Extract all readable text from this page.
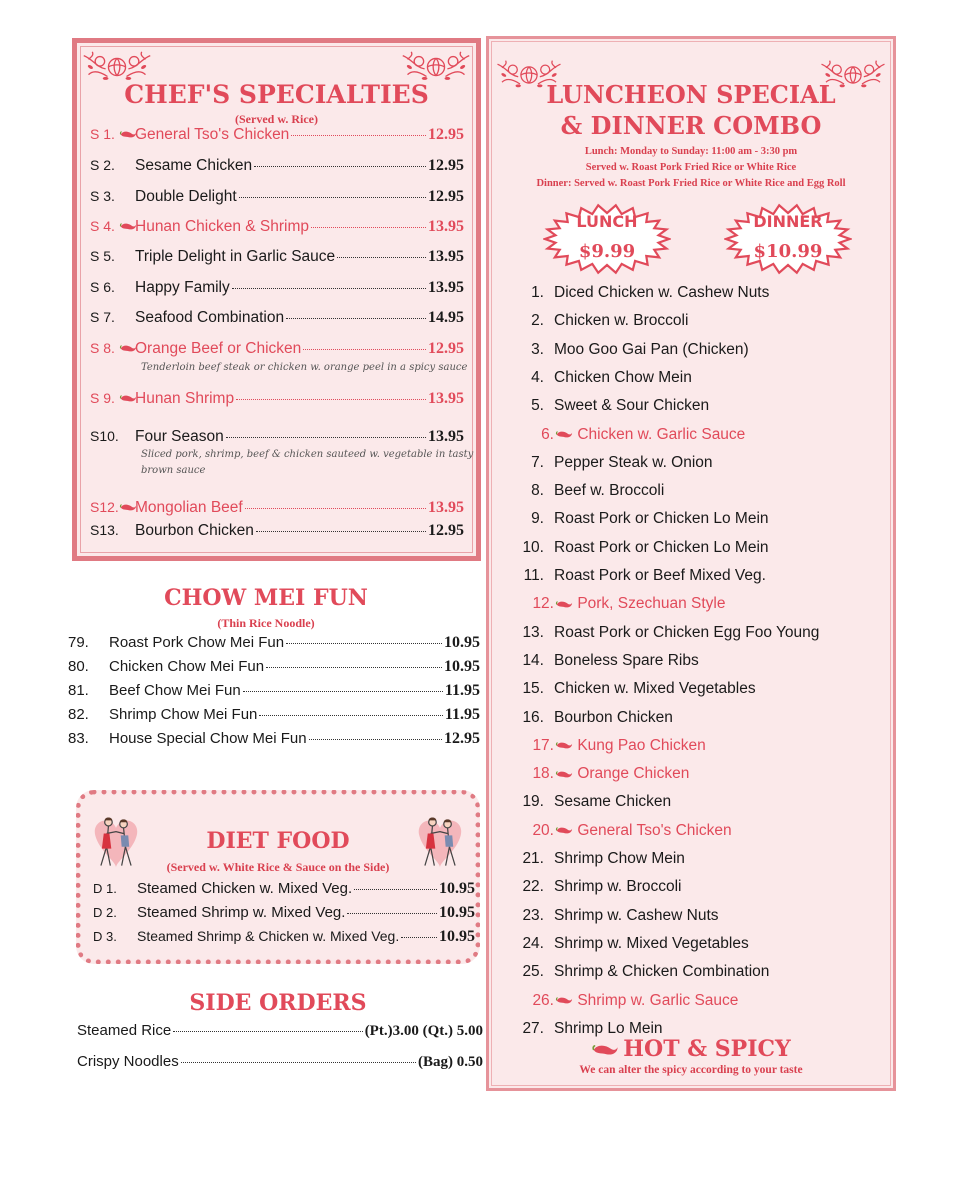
CHEF'S SPECIALTIES
(Served w. Rice)
S 1. General Tso's Chicken	12.95
S 2.	Sesame Chicken	12.95
S 3.	Double Delight	12.95
S 4. Hunan Chicken & Shrimp	13.95
S 5.	Triple Delight in Garlic Sauce	13.95
S 6.	Happy Family	13.95
S 7.	Seafood Combination	14.95
S 8. Orange Beef or Chicken	12.95
S 9. Hunan Shrimp	13.95
S10.	Four Season	13.95
S12. Mongolian Beef	13.95
S13.	Bourbon Chicken	12.95
Tenderloin beef steak or chicken w. orange peel in a spicy sauce
Sliced pork, shrimp, beef & chicken sauteed w. vegetable in tasty
brown sauce
CHOW MEI FUN
(Thin Rice Noodle)
79.	Roast Pork Chow Mei Fun	10.95
80.	Chicken Chow Mei Fun	10.95
81.	Beef Chow Mei Fun	11.95
82.	Shrimp Chow Mei Fun	11.95
83.	House Special Chow Mei Fun	12.95
DIET FOOD
(Served w. White Rice & Sauce on the Side)
D 1.	Steamed Chicken w. Mixed Veg.	10.95
D 2.	Steamed Shrimp w. Mixed Veg.	10.95
D 3.	Steamed Shrimp & Chicken w. Mixed Veg. 10.95
SIDE ORDERS
Steamed Rice	(Pt.)3.00 (Qt.) 5.00
Crispy Noodles	(Bag) 0.50
LUNCHEON SPECIAL
& DINNER COMBO
Lunch: Monday to Sunday: 11:00 am - 3:30 pm
Served w. Roast Pork Fried Rice or White Rice
Dinner: Served w. Roast Pork Fried Rice or White Rice and Egg Roll
LUNCH
$9.99
DINNER
$10.99
1. Diced Chicken w. Cashew Nuts
2. Chicken w. Broccoli
3. Moo Goo Gai Pan (Chicken)
4. Chicken Chow Mein
5. Sweet & Sour Chicken
6. Chicken w. Garlic Sauce
7. Pepper Steak w. Onion
8. Beef w. Broccoli
9. Roast Pork or Chicken Lo Mein
10. Roast Pork or Chicken Lo Mein
11. Roast Pork or Beef Mixed Veg.
12. Pork, Szechuan Style
13. Roast Pork or Chicken Egg Foo Young
14. Boneless Spare Ribs
15. Chicken w. Mixed Vegetables
16. Bourbon Chicken
17. Kung Pao Chicken
18. Orange Chicken
19. Sesame Chicken
20. General Tso's Chicken
21. Shrimp Chow Mein
22. Shrimp w. Broccoli
23. Shrimp w. Cashew Nuts
24. Shrimp w. Mixed Vegetables
25. Shrimp & Chicken Combination
26. Shrimp w. Garlic Sauce
27. Shrimp Lo Mein
HOT & SPICY
We can alter the spicy according to your taste
